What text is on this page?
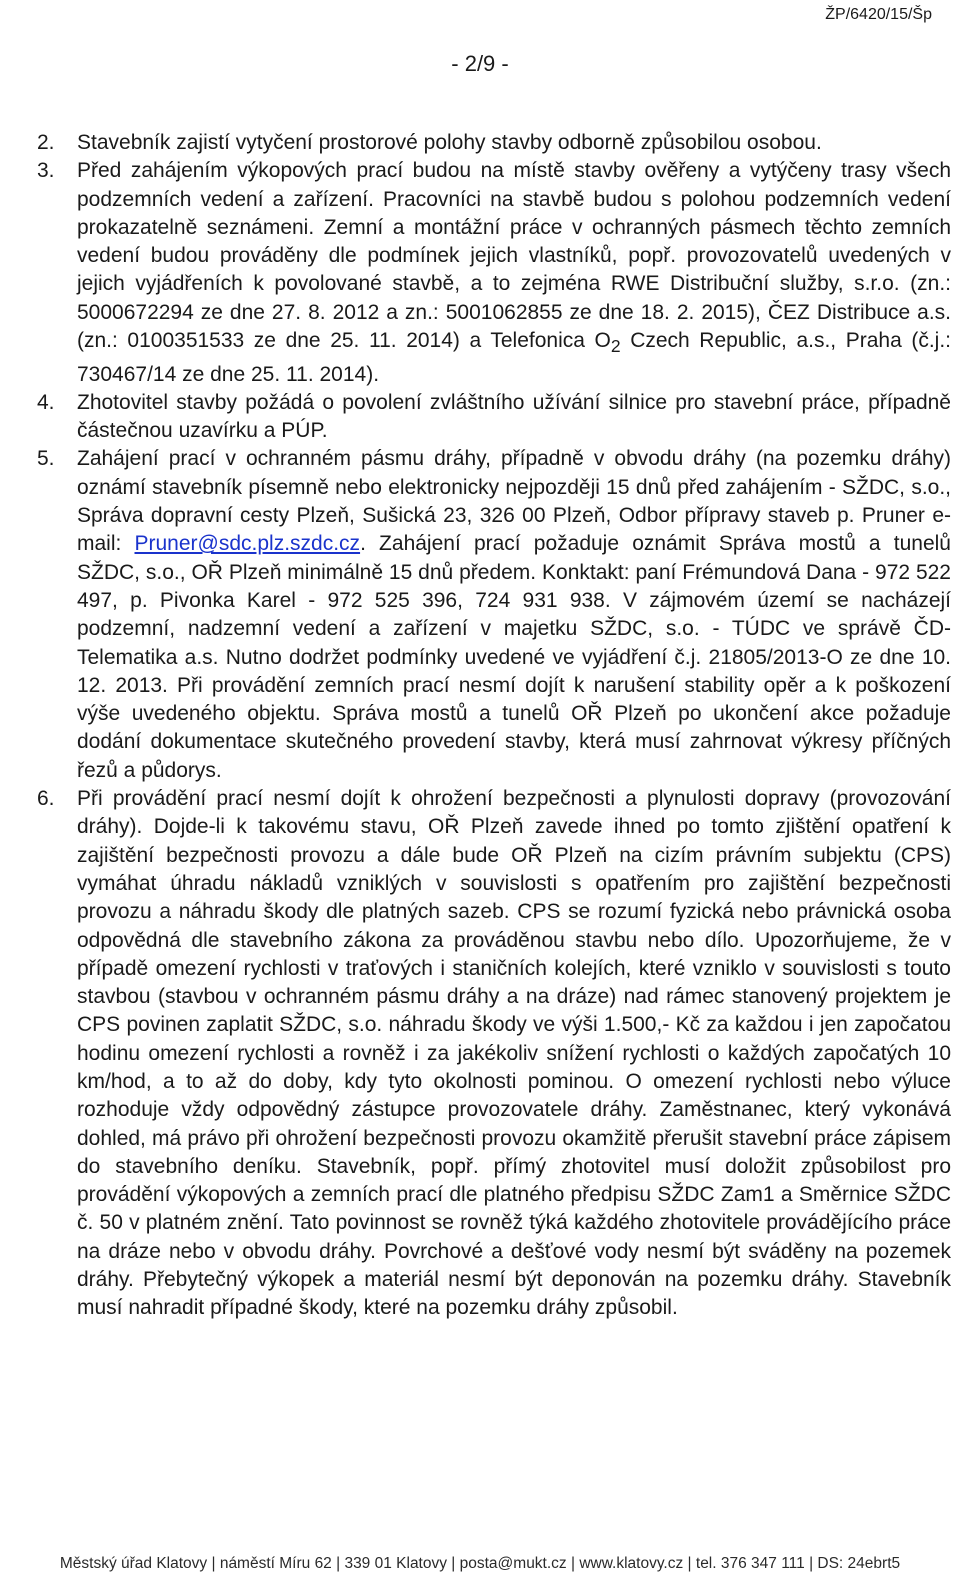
ŽP/6420/15/Šp
- 2/9 -
2. Stavebník zajistí vytyčení prostorové polohy stavby odborně způsobilou osobou.
3. Před zahájením výkopových prací budou na místě stavby ověřeny a vytýčeny trasy všech podzemních vedení a zařízení. Pracovníci na stavbě budou s polohou podzemních vedení prokazatelně seznámeni. Zemní a montážní práce v ochranných pásmech těchto zemních vedení budou prováděny dle podmínek jejich vlastníků, popř. provozovatelů uvedených v jejich vyjádřeních k povolované stavbě, a to zejména RWE Distribuční služby, s.r.o. (zn.: 5000672294 ze dne 27. 8. 2012 a zn.: 5001062855 ze dne 18. 2. 2015), ČEZ Distribuce a.s. (zn.: 0100351533 ze dne 25. 11. 2014) a Telefonica $O_2$ Czech Republic, a.s., Praha (č.j.: 730467/14 ze dne 25. 11. 2014).
4. Zhotovitel stavby požádá o povolení zvláštního užívání silnice pro stavební práce, případně částečnou uzavírku a PÚP.
5. Zahájení prací v ochranném pásmu dráhy, případně v obvodu dráhy (na pozemku dráhy) oznámí stavebník písemně nebo elektronicky nejpozději 15 dnů před zahájením - SŽDC, s.o., Správa dopravní cesty Plzeň, Sušická 23, 326 00 Plzeň, Odbor přípravy staveb p. Pruner e-mail: Pruner@sdc.plz.szdc.cz. Zahájení prací požaduje oznámit Správa mostů a tunelů SŽDC, s.o., OŘ Plzeň minimálně 15 dnů předem. Konktakt: paní Frémundová Dana - 972 522 497, p. Pivonka Karel - 972 525 396, 724 931 938. V zájmovém území se nacházejí podzemní, nadzemní vedení a zařízení v majetku SŽDC, s.o. - TÚDC ve správě ČD-Telematika a.s. Nutno dodržet podmínky uvedené ve vyjádření č.j. 21805/2013-O ze dne 10. 12. 2013. Při provádění zemních prací nesmí dojít k narušení stability opěr a k poškození výše uvedeného objektu. Správa mostů a tunelů OŘ Plzeň po ukončení akce požaduje dodání dokumentace skutečného provedení stavby, která musí zahrnovat výkresy příčných řezů a půdorys.
6. Při provádění prací nesmí dojít k ohrožení bezpečnosti a plynulosti dopravy (provozování dráhy). Dojde-li k takovému stavu, OŘ Plzeň zavede ihned po tomto zjištění opatření k zajištění bezpečnosti provozu a dále bude OŘ Plzeň na cizím právním subjektu (CPS) vymáhat úhradu nákladů vzniklých v souvislosti s opatřením pro zajištění bezpečnosti provozu a náhradu škody dle platných sazeb. CPS se rozumí fyzická nebo právnická osoba odpovědná dle stavebního zákona za prováděnou stavbu nebo dílo. Upozorňujeme, že v případě omezení rychlosti v traťových i staničních kolejích, které vzniklo v souvislosti s touto stavbou (stavbou v ochranném pásmu dráhy a na dráze) nad rámec stanovený projektem je CPS povinen zaplatit SŽDC, s.o. náhradu škody ve výši 1.500,- Kč za každou i jen započatou hodinu omezení rychlosti a rovněž i za jakékoliv snížení rychlosti o každých započatých 10 km/hod, a to až do doby, kdy tyto okolnosti pominou. O omezení rychlosti nebo výluce rozhoduje vždy odpovědný zástupce provozovatele dráhy. Zaměstnanec, který vykonává dohled, má právo při ohrožení bezpečnosti provozu okamžitě přerušit stavební práce zápisem do stavebního deníku. Stavebník, popř. přímý zhotovitel musí doložit způsobilost pro provádění výkopových a zemních prací dle platného předpisu SŽDC Zam1 a Směrnice SŽDC č. 50 v platném znění. Tato povinnost se rovněž týká každého zhotovitele provádějícího práce na dráze nebo v obvodu dráhy. Povrchové a dešťové vody nesmí být sváděny na pozemek dráhy. Přebytečný výkopek a materiál nesmí být deponován na pozemku dráhy. Stavebník musí nahradit případné škody, které na pozemku dráhy způsobil.
Městský úřad Klatovy | náměstí Míru 62 | 339 01 Klatovy | posta@mukt.cz | www.klatovy.cz | tel. 376 347 111 | DS: 24ebrt5
